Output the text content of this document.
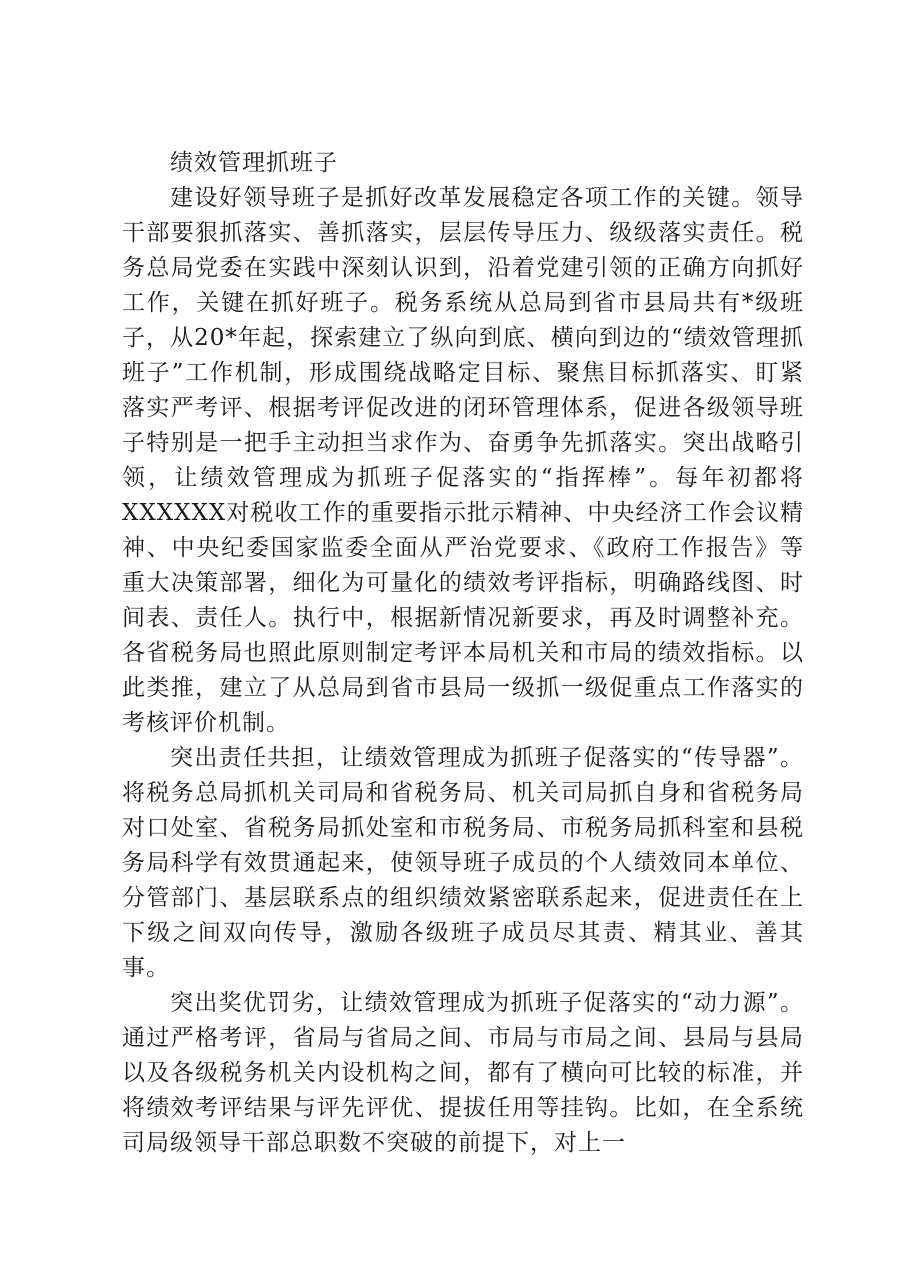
绩效管理抓班子

建设好领导班子是抓好改革发展稳定各项工作的关键。领导干部要狠抓落实、善抓落实，层层传导压力、级级落实责任。税务总局党委在实践中深刻认识到，沿着党建引领的正确方向抓好工作，关键在抓好班子。税务系统从总局到省市县局共有*级班子，从20*年起，探索建立了纵向到底、横向到边的“绩效管理抓班子”工作机制，形成围绕战略定目标、聚焦目标抓落实、盯紧落实严考评、根据考评促改进的闭环管理体系，促进各级领导班子特别是一把手主动担当求作为、奋勇争先抓落实。突出战略引领，让绩效管理成为抓班子促落实的“指挥棒”。每年初都将XXXXXX对税收工作的重要指示批示精神、中央经济工作会议精神、中央纪委国家监委全面从严治党要求、《政府工作报告》等重大决策部署，细化为可量化的绩效考评指标，明确路线图、时间表、责任人。执行中，根据新情况新要求，再及时调整补充。各省税务局也照此原则制定考评本局机关和市局的绩效指标。以此类推，建立了从总局到省市县局一级抓一级促重点工作落实的考核评价机制。

突出责任共担，让绩效管理成为抓班子促落实的“传导器”。将税务总局抓机关司局和省税务局、机关司局抓自身和省税务局对口处室、省税务局抓处室和市税务局、市税务局抓科室和县税务局科学有效贯通起来，使领导班子成员的个人绩效同本单位、分管部门、基层联系点的组织绩效紧密联系起来，促进责任在上下级之间双向传导，激励各级班子成员尽其责、精其业、善其事。

突出奖优罚劣，让绩效管理成为抓班子促落实的“动力源”。通过严格考评，省局与省局之间、市局与市局之间、县局与县局以及各级税务机关内设机构之间，都有了横向可比较的标准，并将绩效考评结果与评先评优、提拔任用等挂钩。比如，在全系统司局级领导干部总职数不突破的前提下，对上一
